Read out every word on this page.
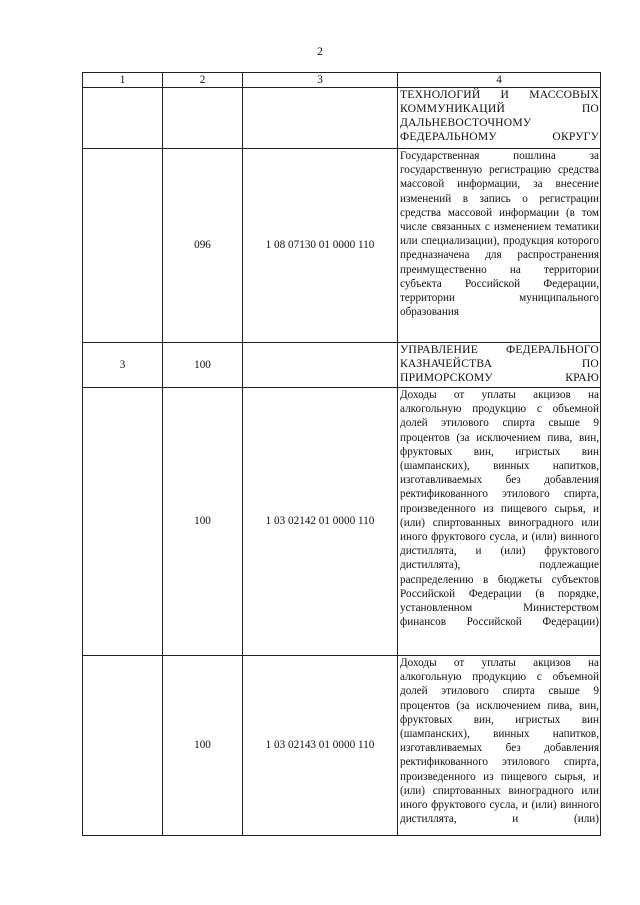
2
1	2	3	4

			ТЕХНОЛОГИЙ И МАССОВЫХ КОММУНИКАЦИЙ ПО ДАЛЬНЕВОСТОЧНОМУ ФЕДЕРАЛЬНОМУ ОКРУГУ

	096	1 08 07130 01 0000 110	Государственная пошлина за государственную регистрацию средства массовой информации, за внесение изменений в запись о регистрации средства массовой информации (в том числе связанных с изменением тематики или специализации), продукция которого предназначена для распространения преимущественно на территории субъекта Российской Федерации, территории муниципального образования

3	100		УПРАВЛЕНИЕ ФЕДЕРАЛЬНОГО КАЗНАЧЕЙСТВА ПО ПРИМОРСКОМУ КРАЮ

	100	1 03 02142 01 0000 110	Доходы от уплаты акцизов на алкогольную продукцию с объемной долей этилового спирта свыше 9 процентов (за исключением пива, вин, фруктовых вин, игристых вин (шампанских), винных напитков, изготавливаемых без добавления ректификованного этилового спирта, произведенного из пищевого сырья, и (или) спиртованных виноградного или иного фруктового сусла, и (или) винного дистиллята, и (или) фруктового дистиллята), подлежащие распределению в бюджеты субъектов Российской Федерации (в порядке, установленном Министерством финансов Российской Федерации)

	100	1 03 02143 01 0000 110	Доходы от уплаты акцизов на алкогольную продукцию с объемной долей этилового спирта свыше 9 процентов (за исключением пива, вин, фруктовых вин, игристых вин (шампанских), винных напитков, изготавливаемых без добавления ректификованного этилового спирта, произведенного из пищевого сырья, и (или) спиртованных виноградного или иного фруктового сусла, и (или) винного дистиллята, и (или)
